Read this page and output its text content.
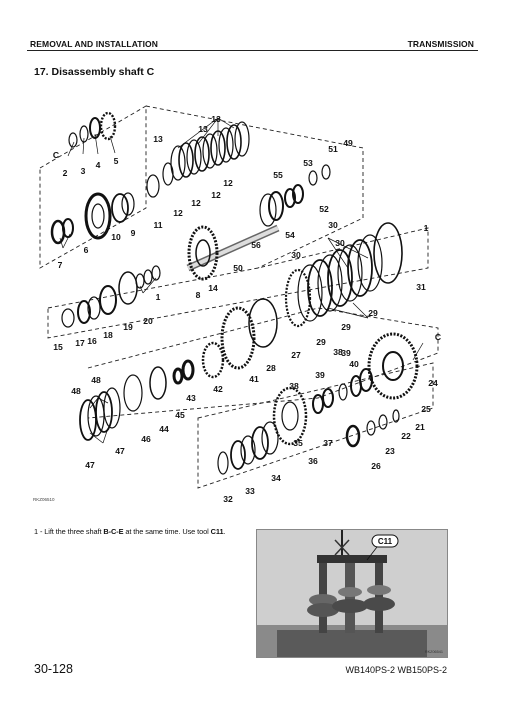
REMOVAL AND INSTALLATION	TRANSMISSION
17. Disassembly shaft C
C
2 3
4 5
13
13
13
12
12
12
12
11
9
10
6
7
55
53
51
49
52
54
56
50
1	8
14
15 17 16
18
19
20
30
30
30
31
29
29
29
1
27
28
41
42
43
45
44
46
48
48
47
47
C
24
25
38
40
39
39
38
37
36
35
34
33
32
21
22
23
26
RKZ06510
1 - Lift the three shaft B-C-E at the same time. Use tool C11.
C11
RKZ06541
30-128	WB140PS-2 WB150PS-2
